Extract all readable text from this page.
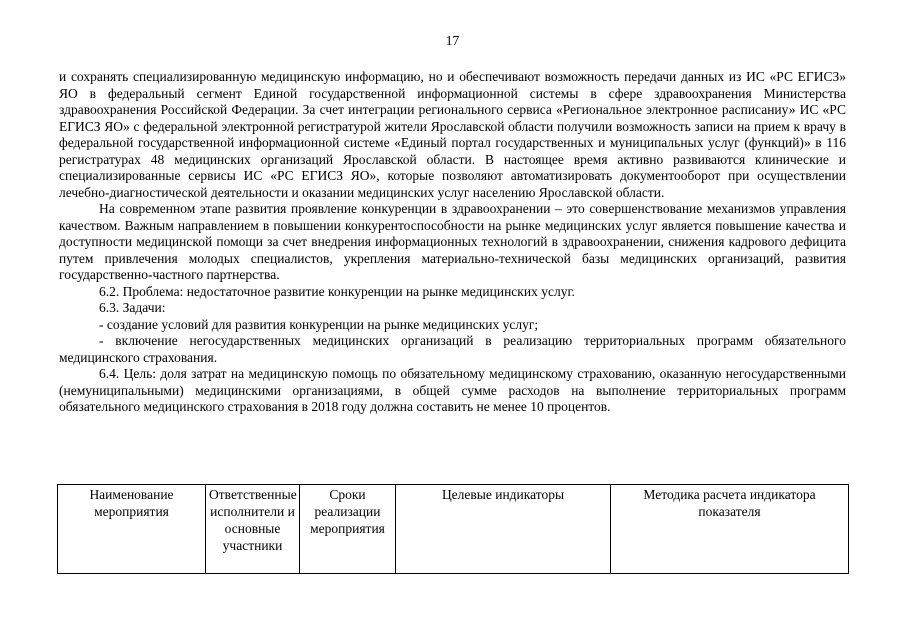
17

и сохранять специализированную медицинскую информацию, но и обеспечивают возможность передачи данных из ИС «РС ЕГИСЗ» ЯО в федеральный сегмент Единой государственной информационной системы в сфере здравоохранения Министерства здравоохранения Российской Федерации. За счет интеграции регионального сервиса «Региональное электронное расписаниу» ИС «РС ЕГИСЗ ЯО» с федеральной электронной регистратурой жители Ярославской области получили возможность записи на прием к врачу в федеральной государственной информационной системе «Единый портал государственных и муниципальных услуг (функций)» в 116 регистратурах 48 медицинских организаций Ярославской области. В настоящее время активно развиваются клинические и специализированные сервисы ИС «РС ЕГИСЗ ЯО», которые позволяют автоматизировать документооборот при осуществлении лечебно-диагностической деятельности и оказании медицинских услуг населению Ярославской области.

На современном этапе развития проявление конкуренции в здравоохранении – это совершенствование механизмов управления качеством. Важным направлением в повышении конкурентоспособности на рынке медицинских услуг является повышение качества и доступности медицинской помощи за счет внедрения информационных технологий в здравоохранении, снижения кадрового дефицита путем привлечения молодых специалистов, укрепления материально-технической базы медицинских организаций, развития государственно-частного партнерства.

6.2. Проблема: недостаточное развитие конкуренции на рынке медицинских услуг.

6.3. Задачи:

- создание условий для развития конкуренции на рынке медицинских услуг;

- включение негосударственных медицинских организаций в реализацию территориальных программ обязательного медицинского страхования.

6.4. Цель: доля затрат на медицинскую помощь по обязательному медицинскому страхованию, оказанную негосударственными (немуниципальными) медицинскими организациями, в общей сумме расходов на выполнение территориальных программ обязательного медицинского страхования в 2018 году должна составить не менее 10 процентов.

Наименование мероприятия	Ответственные исполнители и основные участники	Сроки реализации мероприятия	Целевые индикаторы	Методика расчета индикатора показателя
